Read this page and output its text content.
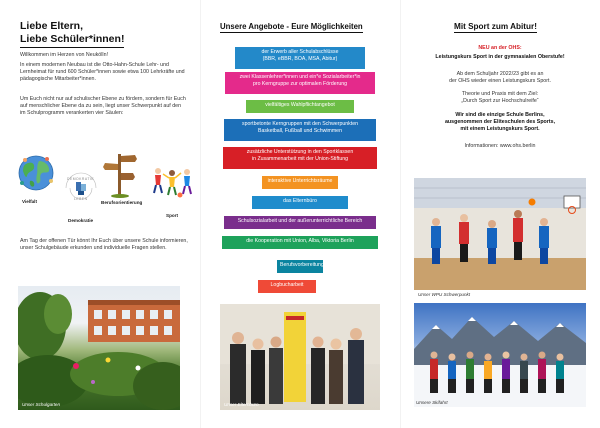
Liebe Eltern,
Liebe Schüler*innen!

Willkommen im Herzen von Neukölln!

In einem modernen Neubau ist die Otto-Hahn-Schule Lehr- und Lernheimat für rund 600 Schüler*innen sowie etwa 100 Lehrkräfte und pädagogische Mitarbeiter*innen.

Um Euch nicht nur auf schulischer Ebene zu fördern, sondern für Euch auf menschlicher Ebene da zu sein, liegt unser Schwerpunkt auf den im Schulprogramm verankerten vier Säulen:

Vielfalt
DEMOKRATIE
LEBEN
Demokratie
Berufsorientierung
Sport

Am Tag der offenen Tür könnt Ihr Euch über unsere Schule informieren, unser Schulgebäude erkunden und individuelle Fragen stellen.

Unser Schulgarten
Unsere Angebote - Eure Möglichkeiten
der Erwerb aller Schulabschlüsse
(BBR, eBBR, BOA, MSA, Abitur)
zwei Klassenlehrer*innen und ein*e Sozialarbeiter*in
pro Kerngruppe zur optimalen Förderung
vielfältiges Wahlpflichtangebot
sportbetonte Kerngruppen mit den Schwerpunkten
Basketball, Fußball und Schwimmen
zusätzliche Unterstützung in den Sportklassen
in Zusammenarbeit mit der Union-Stiftung
interaktive Unterrichtsräume
das Elternbüro
Schulsozialarbeit und der außerunterrichtliche Bereich
die Kooperation mit Union, Alba, Viktoria Berlin
Berufsvorbereitung
Logbucharbeit
Unser Elternbüro
Mit Sport zum Abitur!
NEU an der OHS:
Leistungskurs Sport in der gymnasialen Oberstufe!
Ab dem Schuljahr 2022/23 gibt es an
der OHS wieder einen Leistungskurs Sport.
Theorie und Praxis mit dem Ziel:
„Durch Sport zur Hochschulreife“
Wir sind die einzige Schule Berlins,
ausgenommen der Eliteschulen des Sports,
mit einem Leistungskurs Sport.
Informationen: www.ohs.berlin
Unser WPU Schwerpunkt
Unsere Skifahrt
